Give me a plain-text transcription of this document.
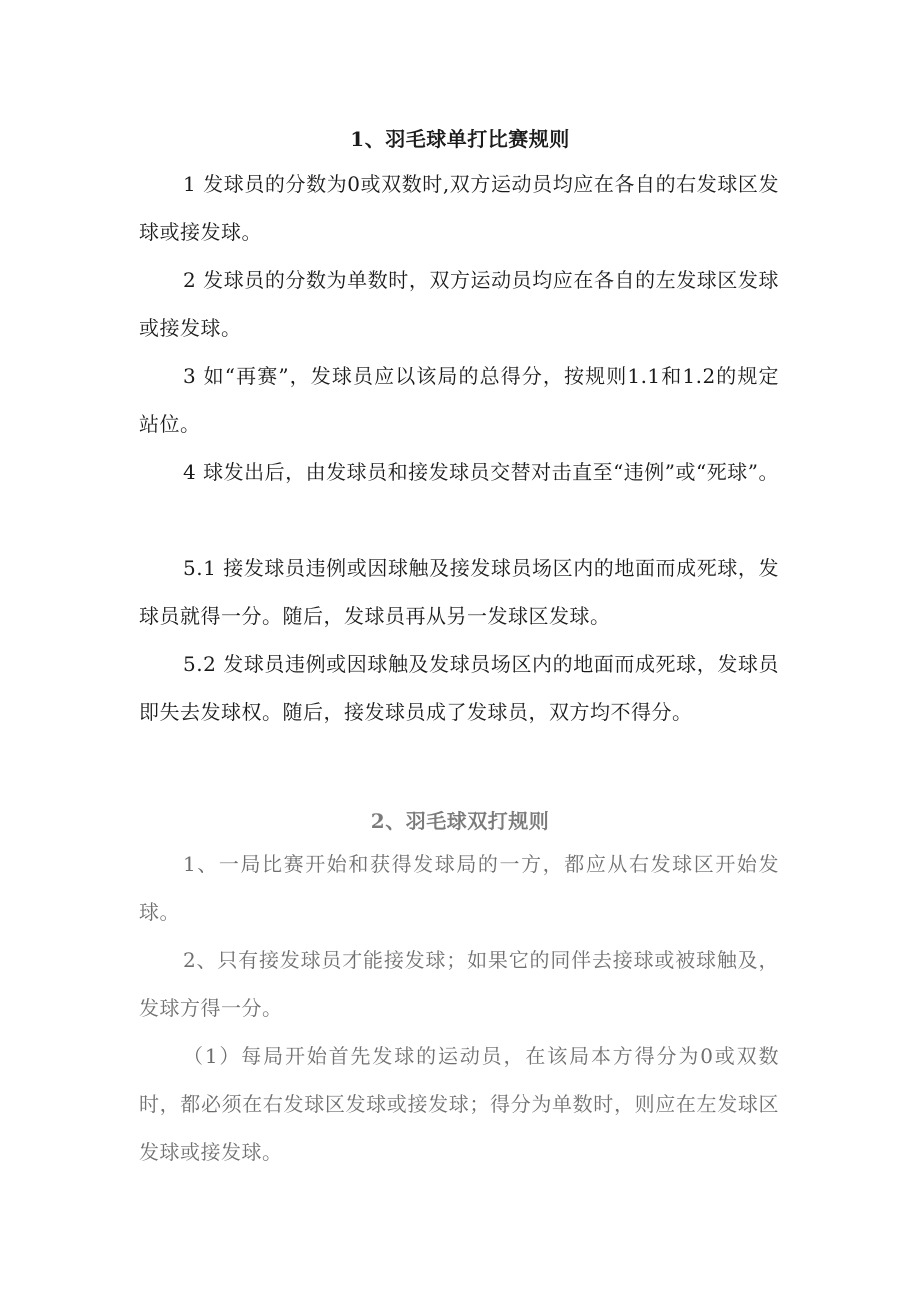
1、羽毛球单打比赛规则
1 发球员的分数为0或双数时,双方运动员均应在各自的右发球区发球或接发球。
2 发球员的分数为单数时，双方运动员均应在各自的左发球区发球或接发球。
3 如“再赛”，发球员应以该局的总得分，按规则1.1和1.2的规定站位。
4 球发出后，由发球员和接发球员交替对击直至“违例”或“死球”。
5.1 接发球员违例或因球触及接发球员场区内的地面而成死球，发球员就得一分。随后，发球员再从另一发球区发球。
5.2 发球员违例或因球触及发球员场区内的地面而成死球，发球员即失去发球权。随后，接发球员成了发球员，双方均不得分。
2、羽毛球双打规则
1、一局比赛开始和获得发球局的一方，都应从右发球区开始发球。
2、只有接发球员才能接发球；如果它的同伴去接球或被球触及，发球方得一分。
（1）每局开始首先发球的运动员，在该局本方得分为0或双数时，都必须在右发球区发球或接发球；得分为单数时，则应在左发球区发球或接发球。
